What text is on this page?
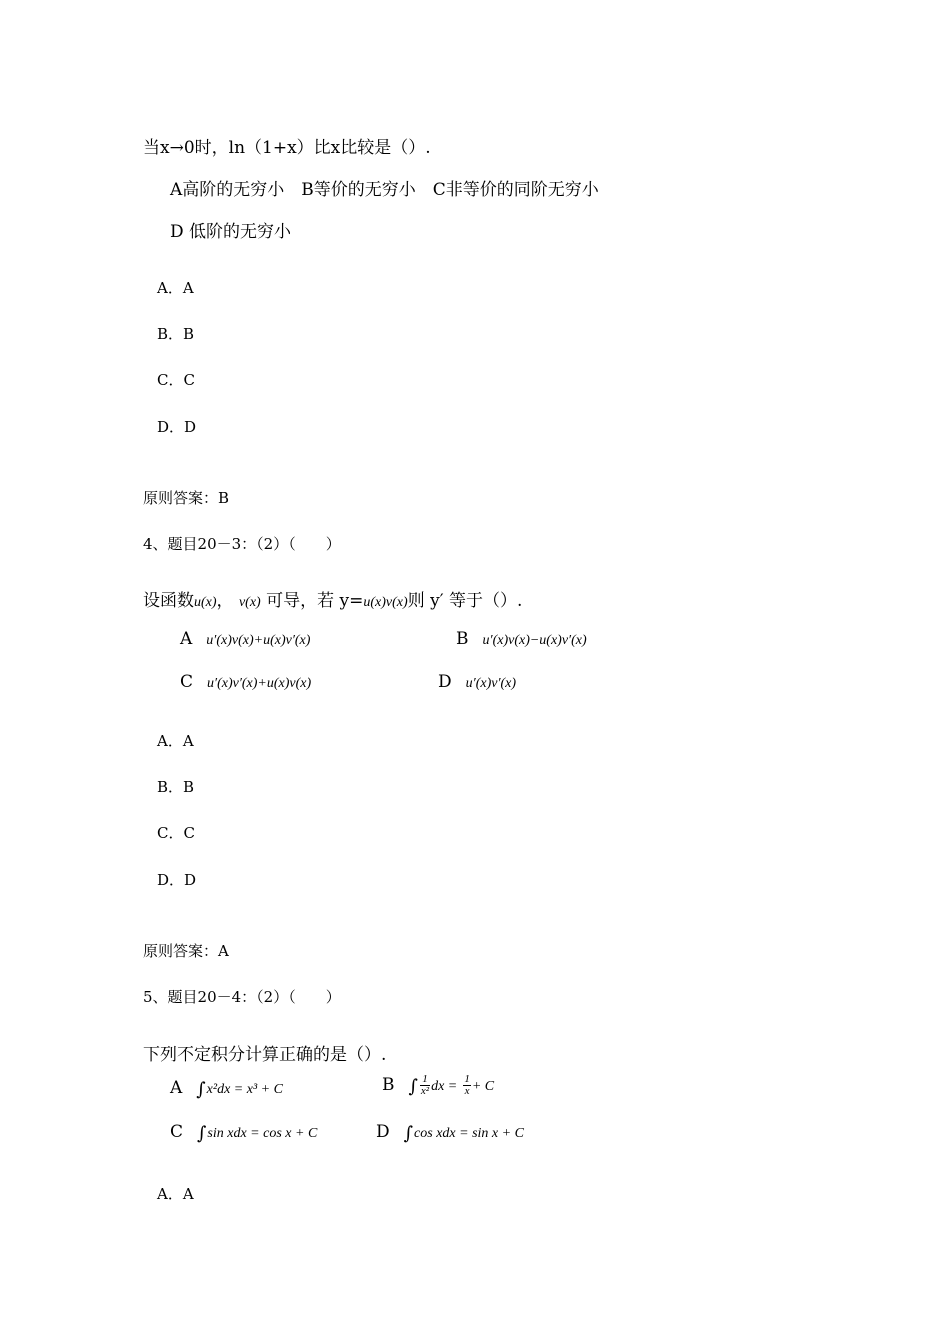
当x→0时，ln（1+x）比x比较是（）.
A高阶的无穷小　B等价的无穷小　C非等价的同阶无穷小
D 低阶的无穷小
A．A
B．B
C．C
D．D
原则答案：B
4、题目20－3：（2）（　　）
设函数u(x)， v(x) 可导，若 y=u(x)v(x)则 y′ 等于（）.
A u′(x)v(x)+u(x)v′(x)	B u′(x)v(x)−u(x)v′(x)
C u′(x)v′(x)+u(x)v(x)	D u′(x)v′(x)
A．A
B．B
C．C
D．D
原则答案：A
5、题目20－4：（2）（　　）
下列不定积分计算正确的是（）.
A ∫x²dx = x³ + C	B ∫ $\frac{1}{\text{x²}}$ dx = $\frac{1}{x} + C$
C ∫sin xdx = cos x + C	D ∫cos xdx = sin x + C
A．A
